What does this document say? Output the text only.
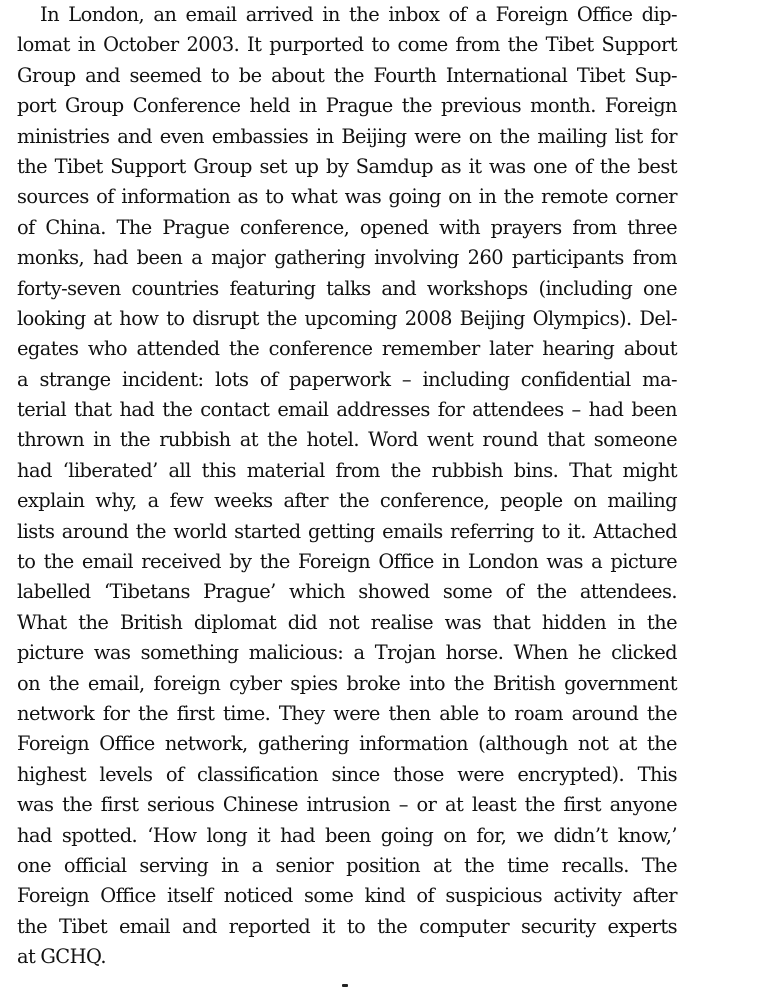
In London, an email arrived in the inbox of a Foreign Office dip-
lomat in October 2003. It purported to come from the Tibet Support
Group and seemed to be about the Fourth International Tibet Sup-
port Group Conference held in Prague the previous month. Foreign
ministries and even embassies in Beijing were on the mailing list for
the Tibet Support Group set up by Samdup as it was one of the best
sources of information as to what was going on in the remote corner
of China. The Prague conference, opened with prayers from three
monks, had been a major gathering involving 260 participants from
forty-seven countries featuring talks and workshops (including one
looking at how to disrupt the upcoming 2008 Beijing Olympics). Del-
egates who attended the conference remember later hearing about
a strange incident: lots of paperwork – including confidential ma-
terial that had the contact email addresses for attendees – had been
thrown in the rubbish at the hotel. Word went round that someone
had ‘liberated’ all this material from the rubbish bins. That might
explain why, a few weeks after the conference, people on mailing
lists around the world started getting emails referring to it. Attached
to the email received by the Foreign Office in London was a picture
labelled ‘Tibetans Prague’ which showed some of the attendees.
What the British diplomat did not realise was that hidden in the
picture was something malicious: a Trojan horse. When he clicked
on the email, foreign cyber spies broke into the British government
network for the first time. They were then able to roam around the
Foreign Office network, gathering information (although not at the
highest levels of classification since those were encrypted). This
was the first serious Chinese intrusion – or at least the first anyone
had spotted. ‘How long it had been going on for, we didn’t know,’
one official serving in a senior position at the time recalls. The
Foreign Office itself noticed some kind of suspicious activity after
the Tibet email and reported it to the computer security experts
at GCHQ.
